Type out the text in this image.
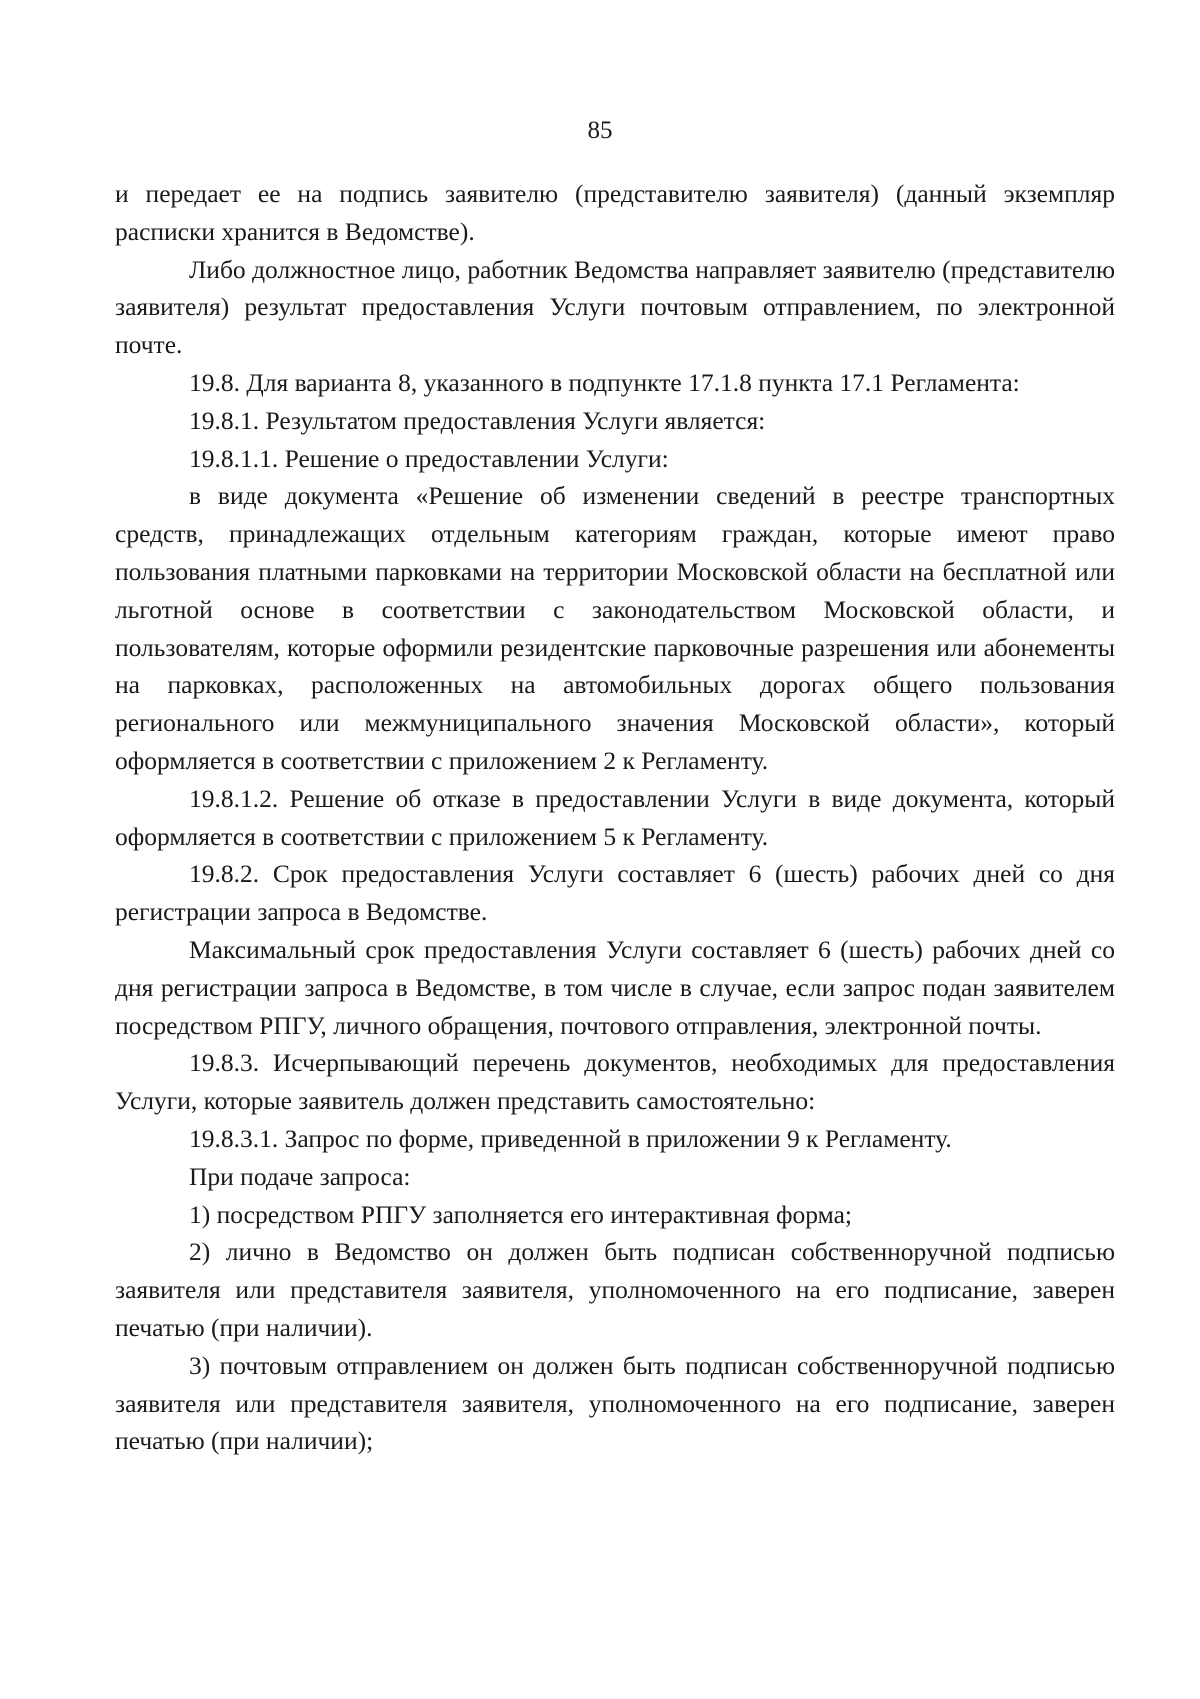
85

и передает ее на подпись заявителю (представителю заявителя) (данный экземпляр расписки хранится в Ведомстве).

Либо должностное лицо, работник Ведомства направляет заявителю (представителю заявителя) результат предоставления Услуги почтовым отправлением, по электронной почте.

19.8. Для варианта 8, указанного в подпункте 17.1.8 пункта 17.1 Регламента:

19.8.1. Результатом предоставления Услуги является:

19.8.1.1. Решение о предоставлении Услуги:

в виде документа «Решение об изменении сведений в реестре транспортных средств, принадлежащих отдельным категориям граждан, которые имеют право пользования платными парковками на территории Московской области на бесплатной или льготной основе в соответствии с законодательством Московской области, и пользователям, которые оформили резидентские парковочные разрешения или абонементы на парковках, расположенных на автомобильных дорогах общего пользования регионального или межмуниципального значения Московской области», который оформляется в соответствии с приложением 2 к Регламенту.

19.8.1.2. Решение об отказе в предоставлении Услуги в виде документа, который оформляется в соответствии с приложением 5 к Регламенту.

19.8.2. Срок предоставления Услуги составляет 6 (шесть) рабочих дней со дня регистрации запроса в Ведомстве.

Максимальный срок предоставления Услуги составляет 6 (шесть) рабочих дней со дня регистрации запроса в Ведомстве, в том числе в случае, если запрос подан заявителем посредством РПГУ, личного обращения, почтового отправления, электронной почты.

19.8.3. Исчерпывающий перечень документов, необходимых для предоставления Услуги, которые заявитель должен представить самостоятельно:

19.8.3.1. Запрос по форме, приведенной в приложении 9 к Регламенту.

При подаче запроса:

1) посредством РПГУ заполняется его интерактивная форма;

2) лично в Ведомство он должен быть подписан собственноручной подписью заявителя или представителя заявителя, уполномоченного на его подписание, заверен печатью (при наличии).

3) почтовым отправлением он должен быть подписан собственноручной подписью заявителя или представителя заявителя, уполномоченного на его подписание, заверен печатью (при наличии);
